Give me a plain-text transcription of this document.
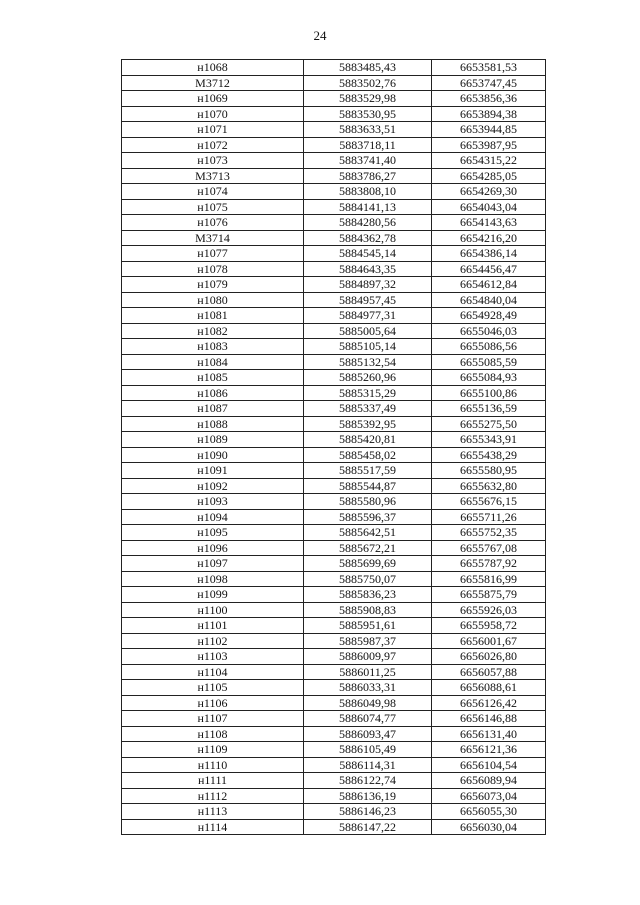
24
н1068	5883485,43	6653581,53
М3712	5883502,76	6653747,45
н1069	5883529,98	6653856,36
н1070	5883530,95	6653894,38
н1071	5883633,51	6653944,85
н1072	5883718,11	6653987,95
н1073	5883741,40	6654315,22
М3713	5883786,27	6654285,05
н1074	5883808,10	6654269,30
н1075	5884141,13	6654043,04
н1076	5884280,56	6654143,63
М3714	5884362,78	6654216,20
н1077	5884545,14	6654386,14
н1078	5884643,35	6654456,47
н1079	5884897,32	6654612,84
н1080	5884957,45	6654840,04
н1081	5884977,31	6654928,49
н1082	5885005,64	6655046,03
н1083	5885105,14	6655086,56
н1084	5885132,54	6655085,59
н1085	5885260,96	6655084,93
н1086	5885315,29	6655100,86
н1087	5885337,49	6655136,59
н1088	5885392,95	6655275,50
н1089	5885420,81	6655343,91
н1090	5885458,02	6655438,29
н1091	5885517,59	6655580,95
н1092	5885544,87	6655632,80
н1093	5885580,96	6655676,15
н1094	5885596,37	6655711,26
н1095	5885642,51	6655752,35
н1096	5885672,21	6655767,08
н1097	5885699,69	6655787,92
н1098	5885750,07	6655816,99
н1099	5885836,23	6655875,79
н1100	5885908,83	6655926,03
н1101	5885951,61	6655958,72
н1102	5885987,37	6656001,67
н1103	5886009,97	6656026,80
н1104	5886011,25	6656057,88
н1105	5886033,31	6656088,61
н1106	5886049,98	6656126,42
н1107	5886074,77	6656146,88
н1108	5886093,47	6656131,40
н1109	5886105,49	6656121,36
н1110	5886114,31	6656104,54
н1111	5886122,74	6656089,94
н1112	5886136,19	6656073,04
н1113	5886146,23	6656055,30
н1114	5886147,22	6656030,04
